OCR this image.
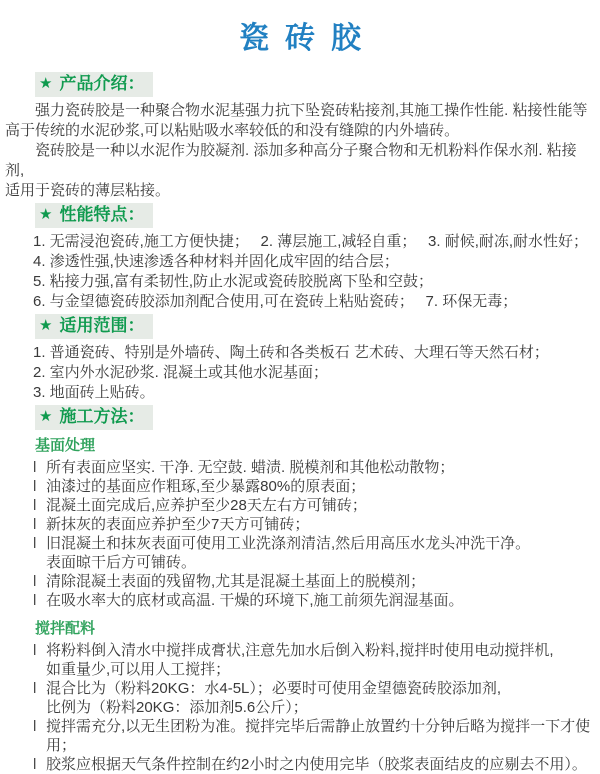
瓷砖胶
★ 产品介绍：
强力瓷砖胶是一种聚合物水泥基强力抗下坠瓷砖粘接剂,其施工操作性能. 粘接性能等
高于传统的水泥砂浆,可以粘贴吸水率较低的和没有缝隙的内外墙砖。
瓷砖胶是一种以水泥作为胶凝剂. 添加多种高分子聚合物和无机粉料作保水剂. 粘接剂,
适用于瓷砖的薄层粘接。
★ 性能特点：
1. 无需浸泡瓷砖,施工方便快捷；　 2. 薄层施工,减轻自重；　 3. 耐候,耐冻,耐水性好；
4. 渗透性强,快速渗透各种材料并固化成牢固的结合层；
5. 粘接力强,富有柔韧性,防止水泥或瓷砖胶脱离下坠和空鼓；
6. 与金望德瓷砖胶添加剂配合使用,可在瓷砖上粘贴瓷砖；　 7. 环保无毒；
★ 适用范围：
1. 普通瓷砖、特别是外墙砖、陶土砖和各类板石 艺术砖、大理石等天然石材；
2. 室内外水泥砂浆. 混凝土或其他水泥基面；
3. 地面砖上贴砖。
★ 施工方法：
基面处理
l 所有表面应坚实. 干净. 无空鼓. 蜡渍. 脱模剂和其他松动散物；
l 油漆过的基面应作粗琢,至少暴露80%的原表面；
l 混凝土面完成后,应养护至少28天左右方可铺砖；
l 新抹灰的表面应养护至少7天方可铺砖；
l 旧混凝土和抹灰表面可使用工业洗涤剂清洁,然后用高压水龙头冲洗干净。
表面晾干后方可铺砖。
l 清除混凝土表面的残留物,尤其是混凝土基面上的脱模剂；
l 在吸水率大的底材或高温. 干燥的环境下,施工前须先润湿基面。
搅拌配料
l 将粉料倒入清水中搅拌成膏状,注意先加水后倒入粉料,搅拌时使用电动搅拌机,
如重量少,可以用人工搅拌；
l 混合比为（粉料20KG：水4-5L）；必要时可使用金望德瓷砖胶添加剂,
比例为（粉料20KG：添加剂5.6公斤）；
l 搅拌需充分,以无生团粉为准。搅拌完毕后需静止放置约十分钟后略为搅拌一下才使用；
l 胶浆应根据天气条件控制在约2小时之内使用完毕（胶浆表面结皮的应剔去不用）。
